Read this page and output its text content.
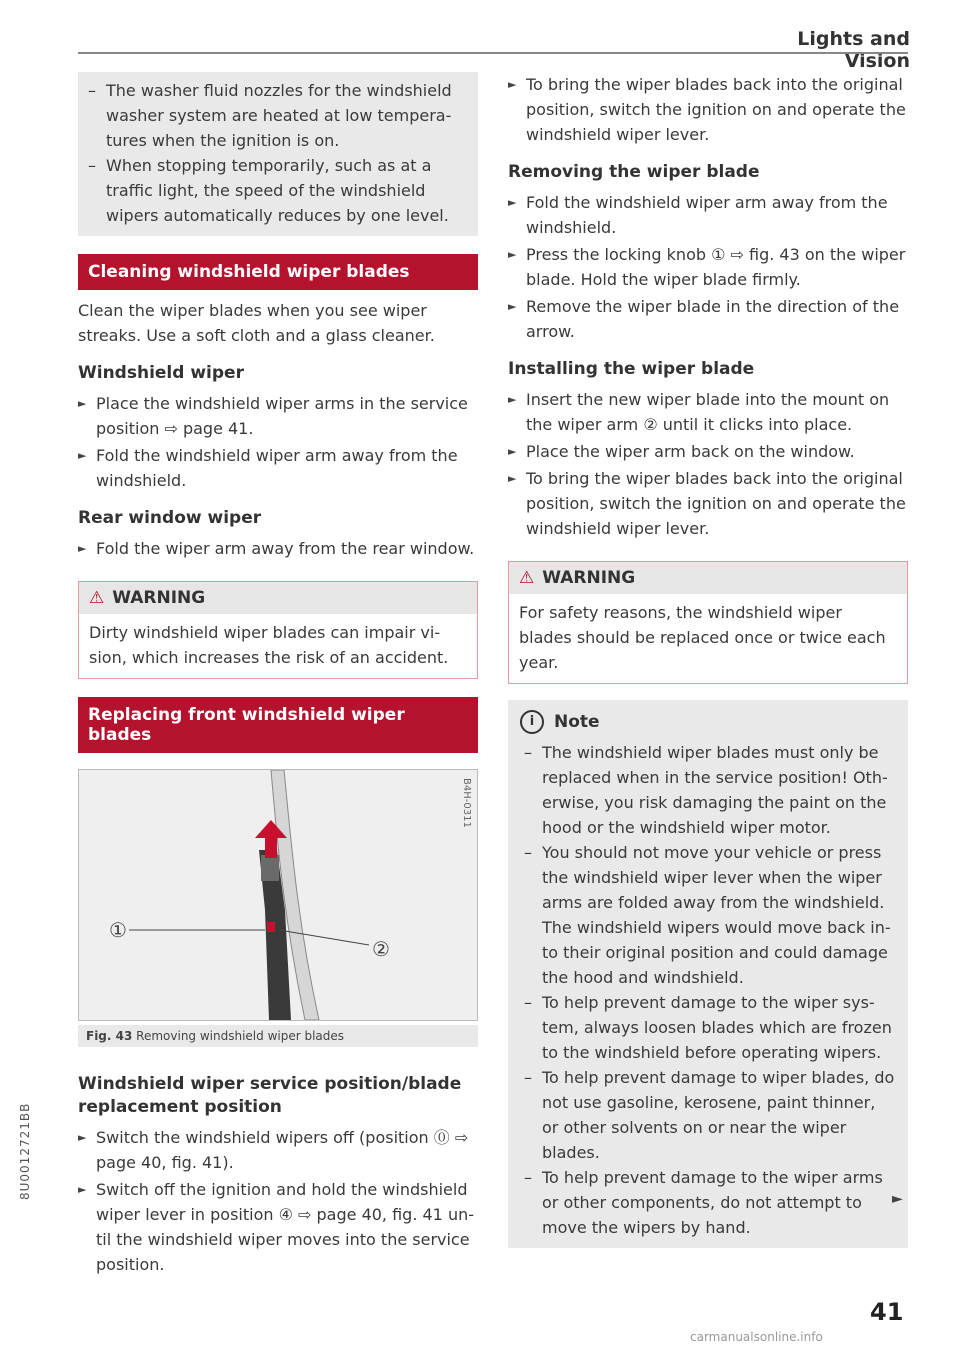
Lights and Vision
– The washer fluid nozzles for the windshield washer system are heated at low tempera-tures when the ignition is on.
– When stopping temporarily, such as at a traffic light, the speed of the windshield wipers automatically reduces by one level.
Cleaning windshield wiper blades

Clean the wiper blades when you see wiper streaks. Use a soft cloth and a glass cleaner.

Windshield wiper
► Place the windshield wiper arms in the service position ⇨ page 41.
► Fold the windshield wiper arm away from the windshield.
Rear window wiper
► Fold the wiper arm away from the rear window.
⚠ WARNING
Dirty windshield wiper blades can impair vi-sion, which increases the risk of an accident.
Replacing front windshield wiper blades
①
②
B4H-0311
Fig. 43 Removing windshield wiper blades
Windshield wiper service position/blade replacement position
► Switch the windshield wipers off (position ⓪ ⇨ page 40, fig. 41).
► Switch off the ignition and hold the windshield wiper lever in position ④ ⇨ page 40, fig. 41 un-til the windshield wiper moves into the service position.
► To bring the wiper blades back into the original position, switch the ignition on and operate the windshield wiper lever.
Removing the wiper blade
► Fold the windshield wiper arm away from the windshield.
► Press the locking knob ① ⇨ fig. 43 on the wiper blade. Hold the wiper blade firmly.
► Remove the wiper blade in the direction of the arrow.
Installing the wiper blade
► Insert the new wiper blade into the mount on the wiper arm ② until it clicks into place.
► Place the wiper arm back on the window.
► To bring the wiper blades back into the original position, switch the ignition on and operate the windshield wiper lever.
⚠ WARNING
For safety reasons, the windshield wiper blades should be replaced once or twice each year.
i Note
– The windshield wiper blades must only be replaced when in the service position! Oth-erwise, you risk damaging the paint on the hood or the windshield wiper motor.
– You should not move your vehicle or press the windshield wiper lever when the wiper arms are folded away from the windshield. The windshield wipers would move back in-to their original position and could damage the hood and windshield.
– To help prevent damage to the wiper sys-tem, always loosen blades which are frozen to the windshield before operating wipers.
– To help prevent damage to wiper blades, do not use gasoline, kerosene, paint thinner, or other solvents on or near the wiper blades.
– To help prevent damage to the wiper arms or other components, do not attempt to move the wipers by hand.
►
8U0012721BB
41
carmanualsonline.info
